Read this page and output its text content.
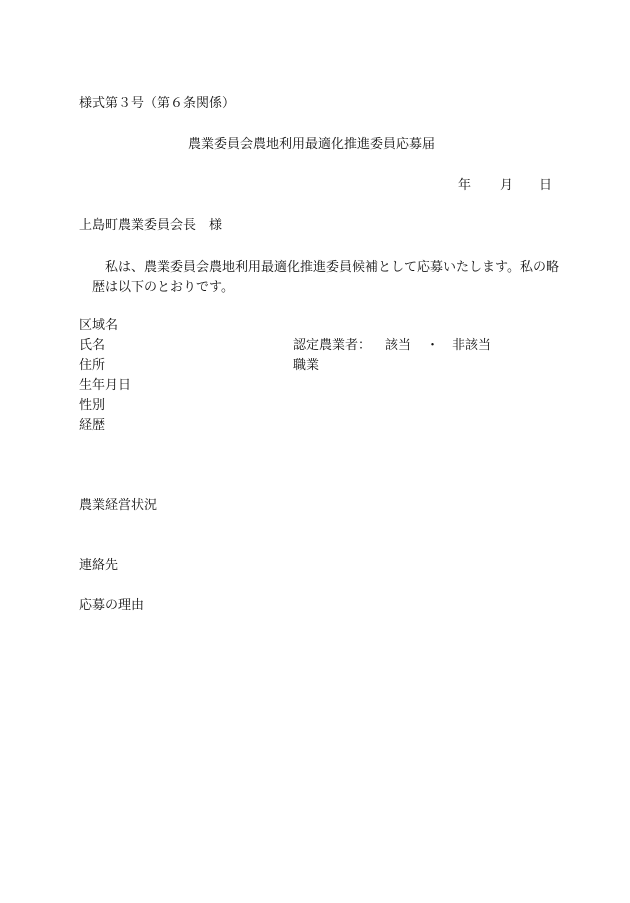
様式第３号（第６条関係）

農業委員会農地利用最適化推進委員応募届

年 月 日

上島町農業委員会長　様

私は、農業委員会農地利用最適化推進委員候補として応募いたします。私の略
歴は以下のとおりです。

区域名
氏名	認定農業者： 該当 ・ 非該当
住所	職業
生年月日
性別
経歴
農業経営状況
連絡先
応募の理由
